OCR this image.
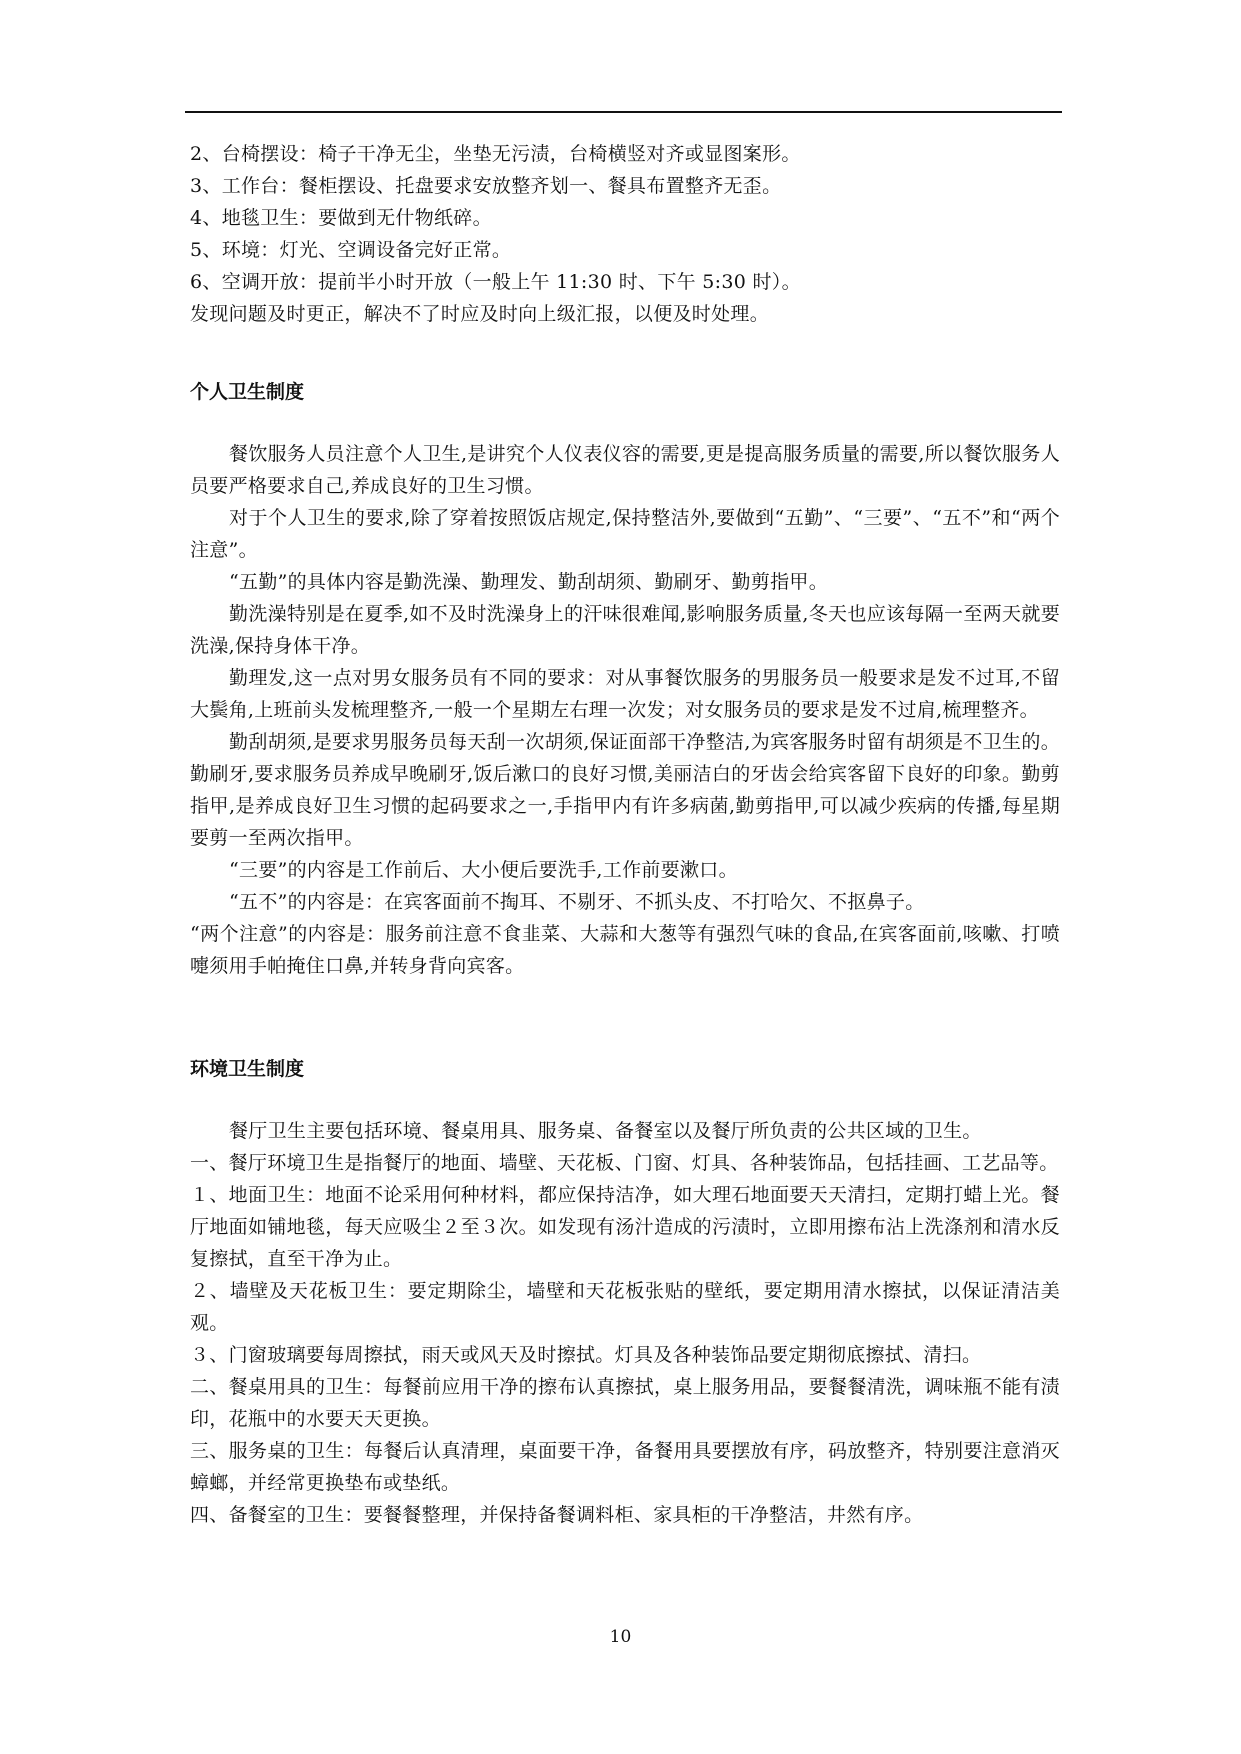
2、台椅摆设：椅子干净无尘，坐垫无污渍，台椅横竖对齐或显图案形。
3、工作台：餐柜摆设、托盘要求安放整齐划一、餐具布置整齐无歪。
4、地毯卫生：要做到无什物纸碎。
5、环境：灯光、空调设备完好正常。
6、空调开放：提前半小时开放（一般上午 11:30 时、下午 5:30 时）。
发现问题及时更正，解决不了时应及时向上级汇报，以便及时处理。
个人卫生制度

餐饮服务人员注意个人卫生,是讲究个人仪表仪容的需要,更是提高服务质量的需要,所以餐饮服务人员要严格要求自己,养成良好的卫生习惯。

对于个人卫生的要求,除了穿着按照饭店规定,保持整洁外,要做到“五勤”、“三要”、“五不”和“两个注意”。

“五勤”的具体内容是勤洗澡、勤理发、勤刮胡须、勤刷牙、勤剪指甲。

勤洗澡特别是在夏季,如不及时洗澡身上的汗味很难闻,影响服务质量,冬天也应该每隔一至两天就要洗澡,保持身体干净。

勤理发,这一点对男女服务员有不同的要求：对从事餐饮服务的男服务员一般要求是发不过耳,不留大鬓角,上班前头发梳理整齐,一般一个星期左右理一次发；对女服务员的要求是发不过肩,梳理整齐。

勤刮胡须,是要求男服务员每天刮一次胡须,保证面部干净整洁,为宾客服务时留有胡须是不卫生的。勤刷牙,要求服务员养成早晚刷牙,饭后漱口的良好习惯,美丽洁白的牙齿会给宾客留下良好的印象。勤剪指甲,是养成良好卫生习惯的起码要求之一,手指甲内有许多病菌,勤剪指甲,可以减少疾病的传播,每星期要剪一至两次指甲。

“三要”的内容是工作前后、大小便后要洗手,工作前要漱口。

“五不”的内容是：在宾客面前不掏耳、不剔牙、不抓头皮、不打哈欠、不抠鼻子。

“两个注意”的内容是：服务前注意不食韭菜、大蒜和大葱等有强烈气味的食品,在宾客面前,咳嗽、打喷嚏须用手帕掩住口鼻,并转身背向宾客。

环境卫生制度

餐厅卫生主要包括环境、餐桌用具、服务桌、备餐室以及餐厅所负责的公共区域的卫生。

一、餐厅环境卫生是指餐厅的地面、墙壁、天花板、门窗、灯具、各种装饰品，包括挂画、工艺品等。

１、地面卫生：地面不论采用何种材料，都应保持洁净，如大理石地面要天天清扫，定期打蜡上光。餐厅地面如铺地毯，每天应吸尘２至３次。如发现有汤汁造成的污渍时，立即用擦布沾上洗涤剂和清水反复擦拭，直至干净为止。

２、墙壁及天花板卫生：要定期除尘，墙壁和天花板张贴的壁纸，要定期用清水擦拭，以保证清洁美观。

３、门窗玻璃要每周擦拭，雨天或风天及时擦拭。灯具及各种装饰品要定期彻底擦拭、清扫。

二、餐桌用具的卫生：每餐前应用干净的擦布认真擦拭，桌上服务用品，要餐餐清洗，调味瓶不能有渍印，花瓶中的水要天天更换。

三、服务桌的卫生：每餐后认真清理，桌面要干净，备餐用具要摆放有序，码放整齐，特别要注意消灭蟑螂，并经常更换垫布或垫纸。

四、备餐室的卫生：要餐餐整理，并保持备餐调料柜、家具柜的干净整洁，井然有序。

10
